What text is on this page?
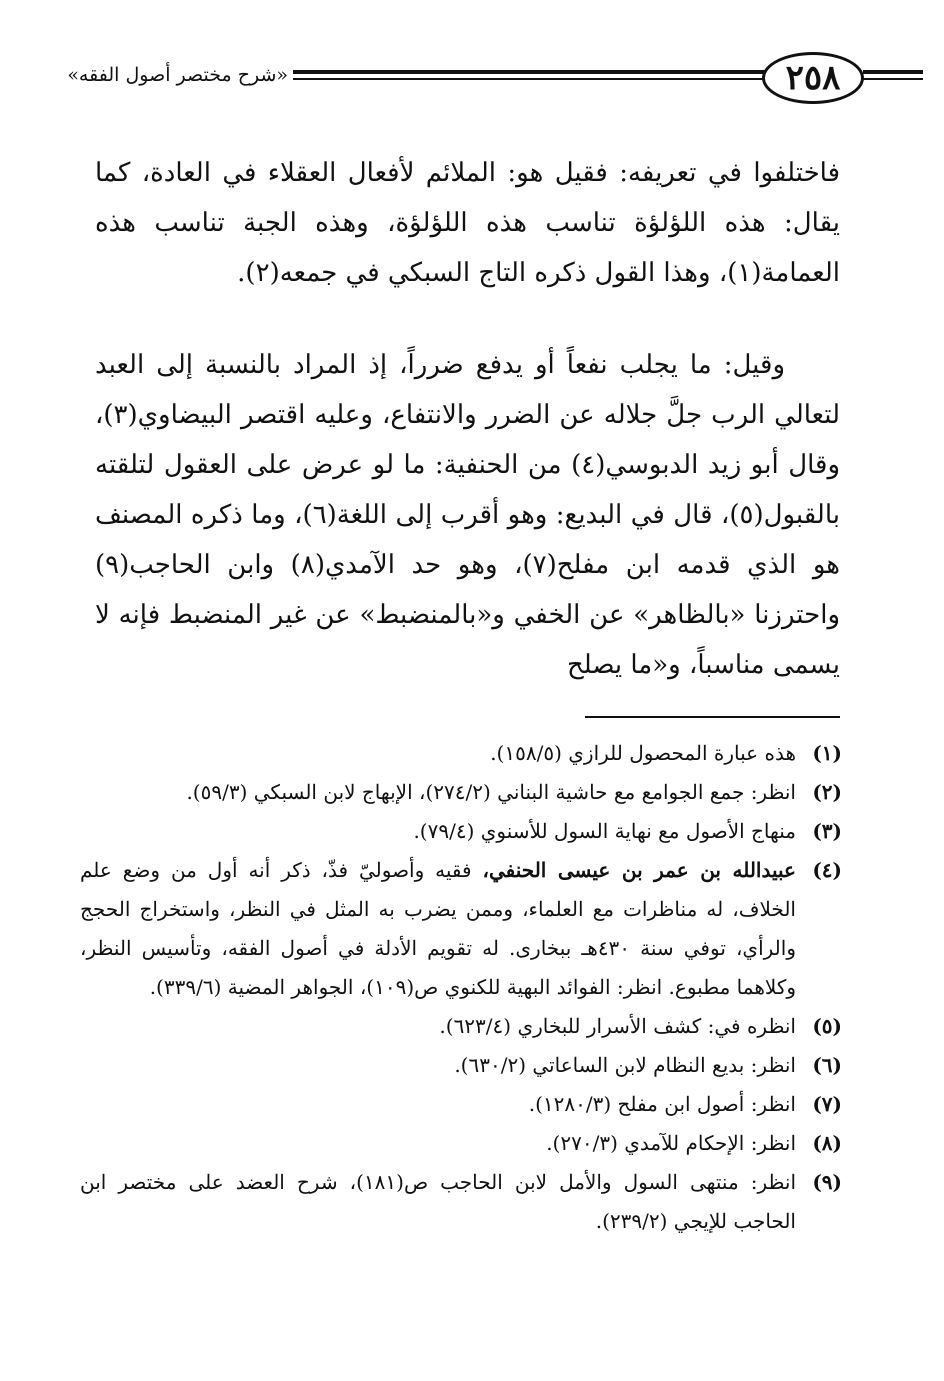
«شرح مختصر أصول الفقه»	٢٥٨

فاختلفوا في تعريفه: فقيل هو: الملائم لأفعال العقلاء في العادة، كما يقال: هذه اللؤلؤة تناسب هذه اللؤلؤة، وهذه الجبة تناسب هذه العمامة(١)، وهذا القول ذكره التاج السبكي في جمعه(٢).

وقيل: ما يجلب نفعاً أو يدفع ضرراً، إذ المراد بالنسبة إلى العبد لتعالي الرب جلَّ جلاله عن الضرر والانتفاع، وعليه اقتصر البيضاوي(٣)، وقال أبو زيد الدبوسي(٤) من الحنفية: ما لو عرض على العقول لتلقته بالقبول(٥)، قال في البديع: وهو أقرب إلى اللغة(٦)، وما ذكره المصنف هو الذي قدمه ابن مفلح(٧)، وهو حد الآمدي(٨) وابن الحاجب(٩) واحترزنا «بالظاهر» عن الخفي و«بالمنضبط» عن غير المنضبط فإنه لا يسمى مناسباً، و«ما يصلح

(١)
هذه عبارة المحصول للرازي (١٥٨/٥).
(٢)
انظر: جمع الجوامع مع حاشية البناني (٢٧٤/٢)، الإبهاج لابن السبكي (٥٩/٣).
(٣)
منهاج الأصول مع نهاية السول للأسنوي (٧٩/٤).
(٤)
عبيدالله بن عمر بن عيسى الحنفي، فقيه وأصوليّ فذّ، ذكر أنه أول من وضع علم الخلاف، له مناظرات مع العلماء، وممن يضرب به المثل في النظر، واستخراج الحجج والرأي، توفي سنة ٤٣٠هـ ببخارى. له تقويم الأدلة في أصول الفقه، وتأسيس النظر، وكلاهما مطبوع. انظر: الفوائد البهية للكنوي ص(١٠٩)، الجواهر المضية (٣٣٩/٦).
(٥)
انظره في: كشف الأسرار للبخاري (٦٢٣/٤).
(٦)
انظر: بديع النظام لابن الساعاتي (٦٣٠/٢).
(٧)
انظر: أصول ابن مفلح (١٢٨٠/٣).
(٨)
انظر: الإحكام للآمدي (٢٧٠/٣).
(٩)
انظر: منتهى السول والأمل لابن الحاجب ص(١٨١)، شرح العضد على مختصر ابن الحاجب للإيجي (٢٣٩/٢).
